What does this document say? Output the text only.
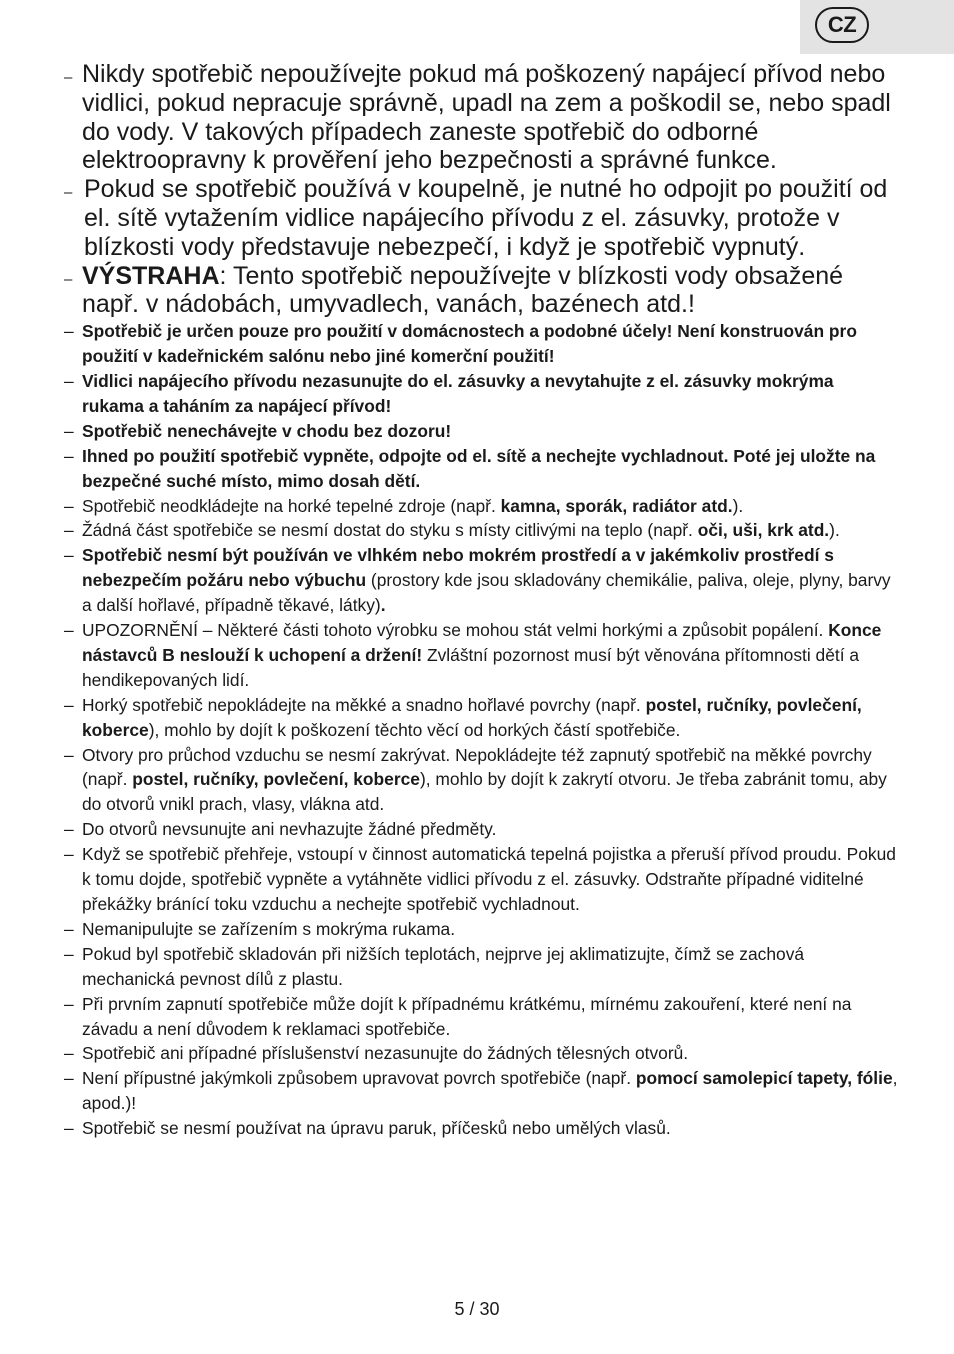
CZ
– Nikdy spotřebič nepoužívejte pokud má poškozený napájecí přívod nebo vidlici, pokud nepracuje správně, upadl na zem a poškodil se, nebo spadl do vody. V takových případech zaneste spotřebič do odborné elektroopravny k prověření jeho bezpečnosti a správné funkce.
– Pokud se spotřebič používá v koupelně, je nutné ho odpojit po použití od el. sítě vytažením vidlice napájecího přívodu z el. zásuvky, protože v blízkosti vody představuje nebezpečí, i když je spotřebič vypnutý.
– VÝSTRAHA: Tento spotřebič nepoužívejte v blízkosti vody obsažené např. v nádobách, umyvadlech, vanách, bazénech atd.!
– Spotřebič je určen pouze pro použití v domácnostech a podobné účely! Není konstruován pro použití v kadeřnickém salónu nebo jiné komerční použití!
– Vidlici napájecího přívodu nezasunujte do el. zásuvky a nevytahujte z el. zásuvky mokrýma rukama a taháním za napájecí přívod!
– Spotřebič nenechávejte v chodu bez dozoru!
– Ihned po použití spotřebič vypněte, odpojte od el. sítě a nechejte vychladnout. Poté jej uložte na bezpečné suché místo, mimo dosah dětí.
– Spotřebič neodkládejte na horké tepelné zdroje (např. kamna, sporák, radiátor atd.).
– Žádná část spotřebiče se nesmí dostat do styku s místy citlivými na teplo (např. oči, uši, krk atd.).
– Spotřebič nesmí být používán ve vlhkém nebo mokrém prostředí a v jakémkoliv prostředí s nebezpečím požáru nebo výbuchu (prostory kde jsou skladovány chemikálie, paliva, oleje, plyny, barvy a další hořlavé, případně těkavé, látky).
– UPOZORNĚNÍ – Některé části tohoto výrobku se mohou stát velmi horkými a způsobit popálení. Konce nástavců B neslouží k uchopení a držení! Zvláštní pozornost musí být věnována přítomnosti dětí a hendikepovaných lidí.
– Horký spotřebič nepokládejte na měkké a snadno hořlavé povrchy (např. postel, ručníky, povlečení, koberce), mohlo by dojít k poškození těchto věcí od horkých částí spotřebiče.
– Otvory pro průchod vzduchu se nesmí zakrývat. Nepokládejte též zapnutý spotřebič na měkké povrchy (např. postel, ručníky, povlečení, koberce), mohlo by dojít k zakrytí otvoru. Je třeba zabránit tomu, aby do otvorů vnikl prach, vlasy, vlákna atd.
– Do otvorů nevsunujte ani nevhazujte žádné předměty.
– Když se spotřebič přehřeje, vstoupí v činnost automatická tepelná pojistka a přeruší přívod proudu. Pokud k tomu dojde, spotřebič vypněte a vytáhněte vidlici přívodu z el. zásuvky. Odstraňte případné viditelné překážky bránící toku vzduchu a nechejte spotřebič vychladnout.
– Nemanipulujte se zařízením s mokrýma rukama.
– Pokud byl spotřebič skladován při nižších teplotách, nejprve jej aklimatizujte, čímž se zachová mechanická pevnost dílů z plastu.
– Při prvním zapnutí spotřebiče může dojít k případnému krátkému, mírnému zakouření, které není na závadu a není důvodem k reklamaci spotřebiče.
– Spotřebič ani případné příslušenství nezasunujte do žádných tělesných otvorů.
– Není přípustné jakýmkoli způsobem upravovat povrch spotřebiče (např. pomocí samolepicí tapety, fólie, apod.)!
– Spotřebič se nesmí používat na úpravu paruk, příčesků nebo umělých vlasů.
5 / 30
